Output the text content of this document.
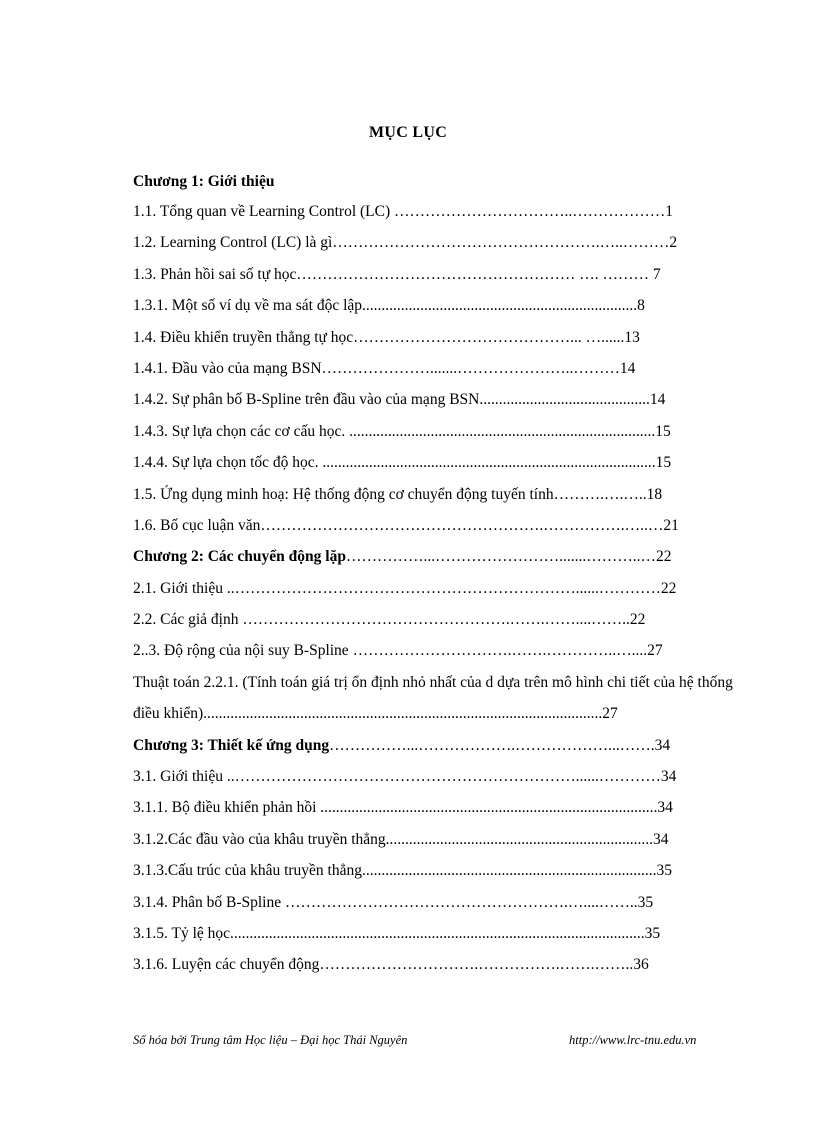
MỤC LỤC
Chương 1: Giới thiệu
1.1. Tổng quan về Learning Control (LC) ……………………………..………………1
1.2. Learning Control (LC) là gì…………………………………………….…..………2
1.3. Phản hồi sai số tự học……………………………………………… …. ……… 7
1.3.1. Một số ví dụ về ma sát độc lập.......................................................................8
1.4. Điều khiển truyền thẳng tự học……………………………………... …......13
1.4.1. Đầu vào của mạng BSN………………….......…………………..………14
1.4.2. Sự phân bố B-Spline trên đầu vào của mạng BSN............................................14
1.4.3. Sự lựa chọn các cơ cấu học. ...............................................................................15
1.4.4. Sự lựa chọn tốc độ học. ......................................................................................15
1.5. Ứng dụng minh hoạ: Hệ thống động cơ chuyển động tuyến tính……….….…..18
1.6. Bố cục luận văn……………………………………………….…………….…..…21
Chương 2: Các chuyển động lặp……………...…………………….......………..…22
2.1. Giới thiệu ..…………………………………………………………......…………22
2.2. Các giả định …………………………………………….…….……....……..22
2..3. Độ rộng của nội suy B-Spline ………………………….…….…………..…....27
Thuật toán 2.2.1. (Tính toán giá trị ổn định nhỏ nhất của d dựa trên mô hình chi tiết của hệ thống điều khiển).......................................................................................................27
Chương 3: Thiết kế ứng dụng……………...……………….………………...…….34
3.1. Giới thiệu ..…………………………………………………………......…………34
3.1.1. Bộ điều khiển phản hồi .......................................................................................34
3.1.2.Các đầu vào của khâu truyền thẳng.....................................................................34
3.1.3.Cấu trúc của khâu truyền thẳng............................................................................35
3.1.4. Phân bố B-Spline ……………………………………………….…....……..35
3.1.5. Tỷ lệ học...........................................................................................................35
3.1.6. Luyện các chuyển động………………………….…………….…….……..36
Số hóa bởi Trung tâm Học liệu – Đại học Thái Nguyên	http://www.lrc-tnu.edu.vn
